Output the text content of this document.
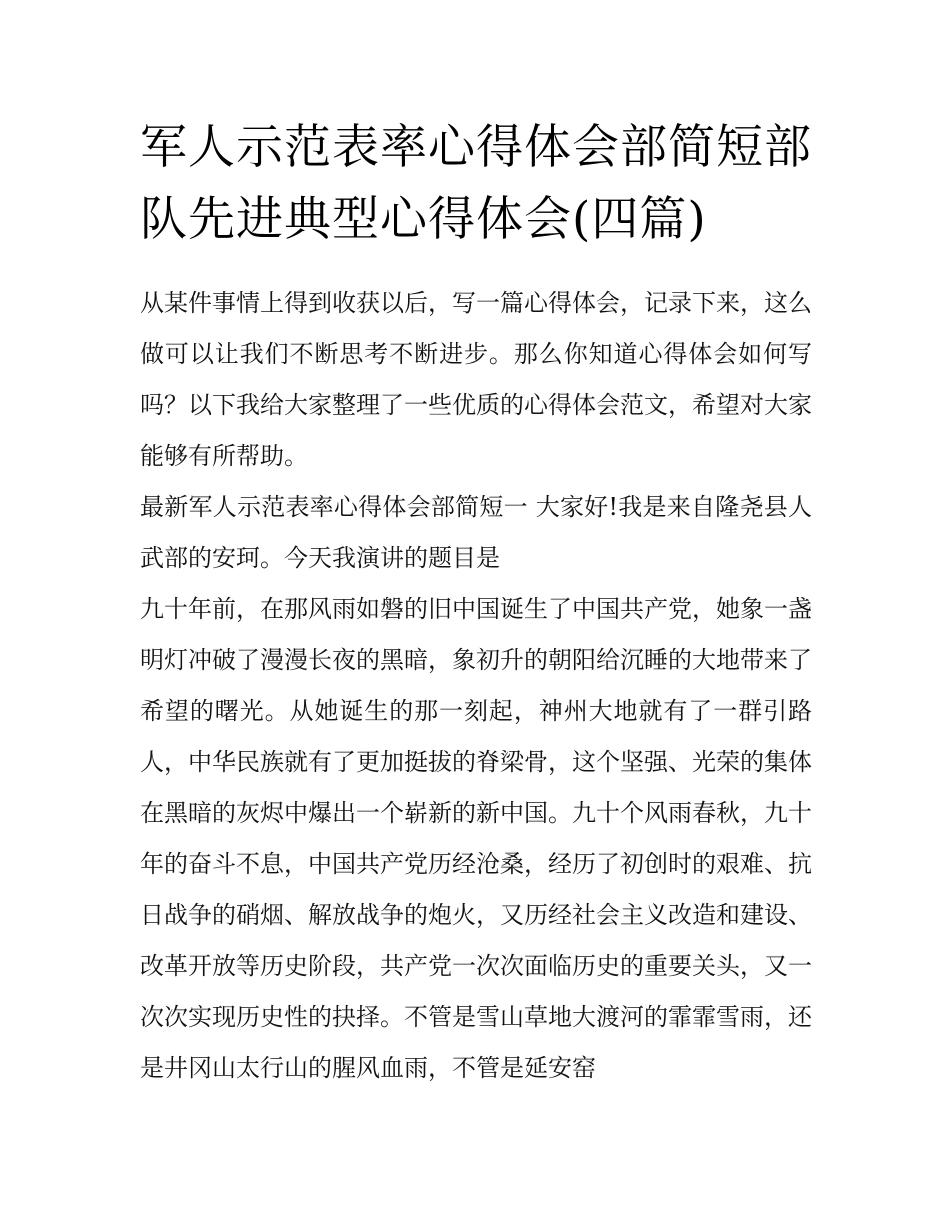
军人示范表率心得体会部简短部队先进典型心得体会(四篇)

从某件事情上得到收获以后，写一篇心得体会，记录下来，这么做可以让我们不断思考不断进步。那么你知道心得体会如何写吗？以下我给大家整理了一些优质的心得体会范文，希望对大家能够有所帮助。

最新军人示范表率心得体会部简短一 大家好!我是来自隆尧县人武部的安珂。今天我演讲的题目是

九十年前，在那风雨如磐的旧中国诞生了中国共产党，她象一盏明灯冲破了漫漫长夜的黑暗，象初升的朝阳给沉睡的大地带来了希望的曙光。从她诞生的那一刻起，神州大地就有了一群引路人，中华民族就有了更加挺拔的脊梁骨，这个坚强、光荣的集体在黑暗的灰烬中爆出一个崭新的新中国。九十个风雨春秋，九十年的奋斗不息，中国共产党历经沧桑，经历了初创时的艰难、抗日战争的硝烟、解放战争的炮火，又历经社会主义改造和建设、改革开放等历史阶段，共产党一次次面临历史的重要关头，又一次次实现历史性的抉择。不管是雪山草地大渡河的霏霏雪雨，还是井冈山太行山的腥风血雨，不管是延安窑
